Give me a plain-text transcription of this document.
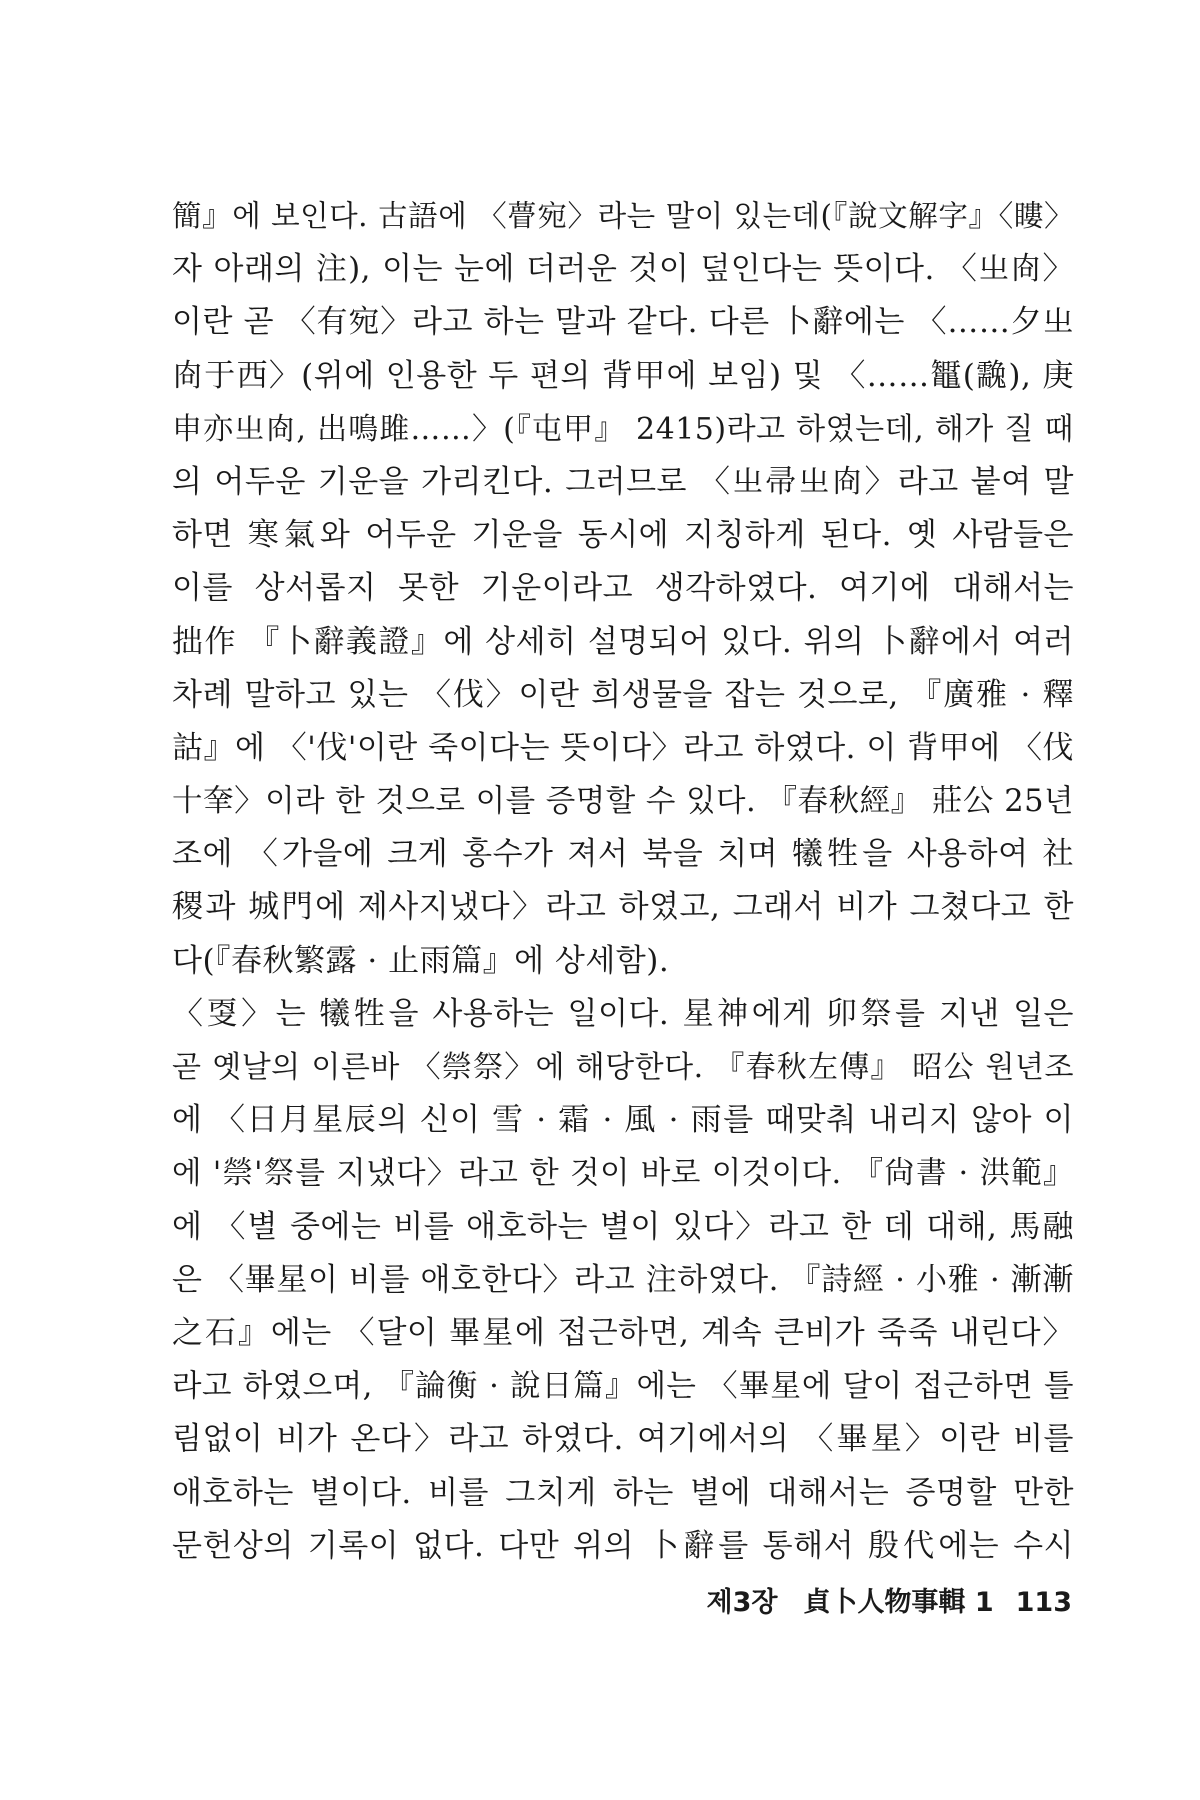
簡』에 보인다. 古語에 〈瞢宛〉라는 말이 있는데(『說文解字』〈瞜〉
자 아래의 注), 이는 눈에 더러운 것이 덮인다는 뜻이다. 〈㞢㕯〉
이란 곧 〈有宛〉라고 하는 말과 같다. 다른 卜辭에는 〈……夕㞢
㕯于西〉(위에 인용한 두 편의 背甲에 보임) 및 〈……䵹(䨲), 庚
申亦㞢㕯, 出鳴雎……〉(『屯甲』 2415)라고 하였는데, 해가 질 때
의 어두운 기운을 가리킨다. 그러므로 〈㞢帚㞢㕯〉라고 붙여 말
하면 寒氣와 어두운 기운을 동시에 지칭하게 된다. 옛 사람들은
이를 상서롭지 못한 기운이라고 생각하였다. 여기에 대해서는
拙作 『卜辭義證』에 상세히 설명되어 있다. 위의 卜辭에서 여러
차례 말하고 있는 〈伐〉이란 희생물을 잡는 것으로, 『廣雅 · 釋
詁』에 〈'伐'이란 죽이다는 뜻이다〉라고 하였다. 이 背甲에 〈伐
十羍〉이라 한 것으로 이를 증명할 수 있다. 『春秋經』 莊公 25년
조에 〈가을에 크게 홍수가 져서 북을 치며 犧牲을 사용하여 社
稷과 城門에 제사지냈다〉라고 하였고, 그래서 비가 그쳤다고 한
다(『春秋繁露 · 止雨篇』에 상세함).
〈㪅〉는 犧牲을 사용하는 일이다. 星神에게 卯祭를 지낸 일은
곧 옛날의 이른바 〈禜祭〉에 해당한다. 『春秋左傳』 昭公 원년조
에 〈日月星辰의 신이 雪 · 霜 · 風 · 雨를 때맞춰 내리지 않아 이
에 '禜'祭를 지냈다〉라고 한 것이 바로 이것이다. 『尙書 · 洪範』
에 〈별 중에는 비를 애호하는 별이 있다〉라고 한 데 대해, 馬融
은 〈畢星이 비를 애호한다〉라고 注하였다. 『詩經 · 小雅 · 漸漸
之石』에는 〈달이 畢星에 접근하면, 계속 큰비가 죽죽 내린다〉
라고 하였으며, 『論衡 · 說日篇』에는 〈畢星에 달이 접근하면 틀
림없이 비가 온다〉라고 하였다. 여기에서의 〈畢星〉이란 비를
애호하는 별이다. 비를 그치게 하는 별에 대해서는 증명할 만한
문헌상의 기록이 없다. 다만 위의 卜辭를 통해서 殷代에는 수시
제3장 貞卜人物事輯 1 113
